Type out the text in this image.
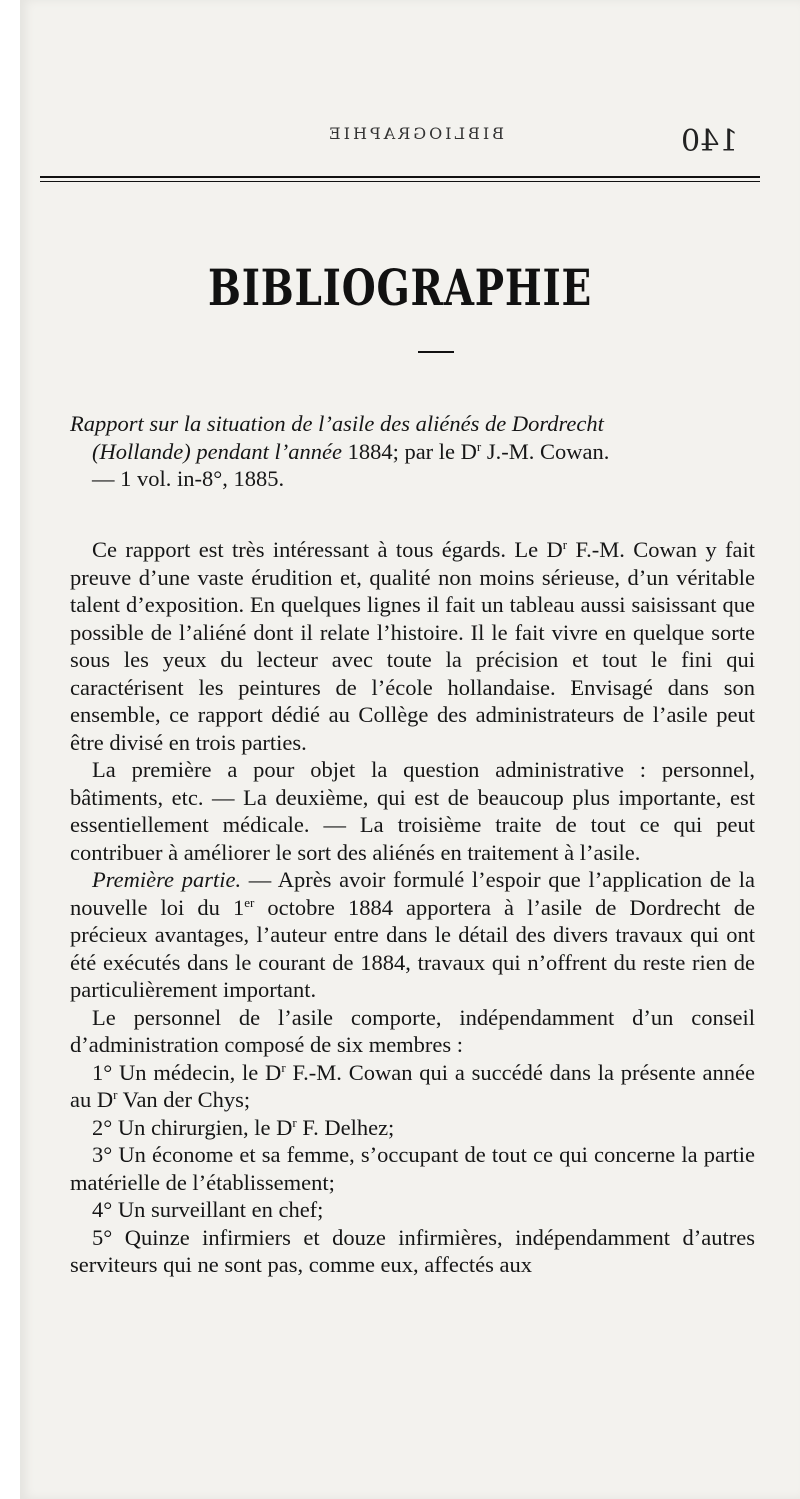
BIBLIOGRAPHIE	140
BIBLIOGRAPHIE
Rapport sur la situation de l’asile des aliénés de Dordrecht
(Hollande) pendant l’année 1884; par le $D^r$ J.-M. Cowan.
— 1 vol. in-8°, 1885.

Ce rapport est très intéressant à tous égards. Le $D^r$ F.-M. Cowan y fait preuve d’une vaste érudition et, qualité non moins sérieuse, d’un véritable talent d’exposition. En quelques lignes il fait un tableau aussi saisissant que possible de l’aliéné dont il relate l’histoire. Il le fait vivre en quelque sorte sous les yeux du lecteur avec toute la précision et tout le fini qui caractérisent les peintures de l’école hollandaise. Envisagé dans son ensemble, ce rapport dédié au Collège des administrateurs de l’asile peut être divisé en trois parties.

La première a pour objet la question administrative : personnel, bâtiments, etc. — La deuxième, qui est de beaucoup plus importante, est essentiellement médicale. — La troisième traite de tout ce qui peut contribuer à améliorer le sort des aliénés en traitement à l’asile.

Première partie. — Après avoir formulé l’espoir que l’application de la nouvelle loi du 1er octobre 1884 apportera à l’asile de Dordrecht de précieux avantages, l’auteur entre dans le détail des divers travaux qui ont été exécutés dans le courant de 1884, travaux qui n’offrent du reste rien de particulièrement important.

Le personnel de l’asile comporte, indépendamment d’un conseil d’administration composé de six membres :

1° Un médecin, le $D^r$ F.-M. Cowan qui a succédé dans la présente année au $D^r$ Van der Chys;

2° Un chirurgien, le $D^r$ F. Delhez;

3° Un économe et sa femme, s’occupant de tout ce qui concerne la partie matérielle de l’établissement;

4° Un surveillant en chef;

5° Quinze infirmiers et douze infirmières, indépendamment d’autres serviteurs qui ne sont pas, comme eux, affectés aux
